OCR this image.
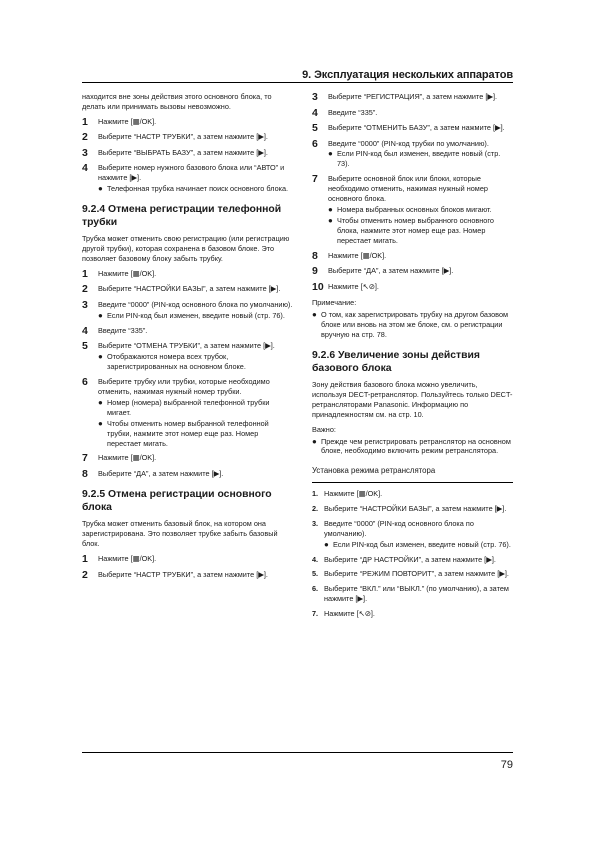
9. Эксплуатация нескольких аппаратов

находится вне зоны действия этого основного блока, то делать или принимать вызовы невозможно.

1	Нажмите [▦/OK].
2	Выберите “НАСТР ТРУБКИ”, а затем нажмите [▶].
3	Выберите “ВЫБРАТЬ БАЗУ”, а затем нажмите [▶].
4	Выберите номер нужного базового блока или “АВТО” и нажмите [▶].
● Телефонная трубка начинает поиск основного блока.
9.2.4 Отмена регистрации телефонной трубки

Трубка может отменить свою регистрацию (или регистрацию другой трубки), которая сохранена в базовом блоке. Это позволяет базовому блоку забыть трубку.

1	Нажмите [▦/OK].
2	Выберите “НАСТРОЙКИ БАЗЫ”, а затем нажмите [▶].
3	Введите “0000” (PIN-код основного блока по умолчанию).
● Если PIN-код был изменен, введите новый (стр. 76).
4	Введите “335”.
5	Выберите “ОТМЕНА ТРУБКИ”, а затем нажмите [▶].
● Отображаются номера всех трубок, зарегистрированных на основном блоке.
6	Выберите трубку или трубки, которые необходимо отменить, нажимая нужный номер трубки.
● Номер (номера) выбранной телефонной трубки мигает.
● Чтобы отменить номер выбранной телефонной трубки, нажмите этот номер еще раз. Номер перестает мигать.
7	Нажмите [▦/OK].
8	Выберите “ДА”, а затем нажмите [▶].
9.2.5 Отмена регистрации основного блока

Трубка может отменить базовый блок, на котором она зарегистрирована. Это позволяет трубке забыть базовый блок.

1	Нажмите [▦/OK].
2	Выберите “НАСТР ТРУБКИ”, а затем нажмите [▶].
3	Выберите “РЕГИСТРАЦИЯ”, а затем нажмите [▶].
4	Введите “335”.
5	Выберите “ОТМЕНИТЬ БАЗУ”, а затем нажмите [▶].
6	Введите “0000” (PIN-код трубки по умолчанию).
● Если PIN-код был изменен, введите новый (стр. 73).
7	Выберите основной блок или блоки, которые необходимо отменить, нажимая нужный номер основного блока.
● Номера выбранных основных блоков мигают.
● Чтобы отменить номер выбранного основного блока, нажмите этот номер еще раз. Номер перестает мигать.
8	Нажмите [▦/OK].
9	Выберите “ДА”, а затем нажмите [▶].
10 Нажмите [↖⊘].

Примечание:

● О том, как зарегистрировать трубку на другом базовом блоке или вновь на этом же блоке, см. о регистрации вручную на стр. 78.
9.2.6 Увеличение зоны действия базового блока

Зону действия базового блока можно увеличить, используя DECT-ретранслятор. Пользуйтесь только DECT-ретрансляторами Panasonic. Информацию по принадлежностям см. на стр. 10.

Важно:

● Прежде чем регистрировать ретранслятор на основном блоке, необходимо включить режим ретранслятора.
Установка режима ретранслятора
1. Нажмите [▦/OK].
2. Выберите “НАСТРОЙКИ БАЗЫ”, а затем нажмите [▶].
3. Введите “0000” (PIN-код основного блока по умолчанию).
● Если PIN-код был изменен, введите новый (стр. 76).
4. Выберите “ДР НАСТРОЙКИ”, а затем нажмите [▶].
5. Выберите “РЕЖИМ ПОВТОРИТ”, а затем нажмите [▶].
6. Выберите “ВКЛ.” или “ВЫКЛ.” (по умолчанию), а затем нажмите [▶].
7. Нажмите [↖⊘].
79
